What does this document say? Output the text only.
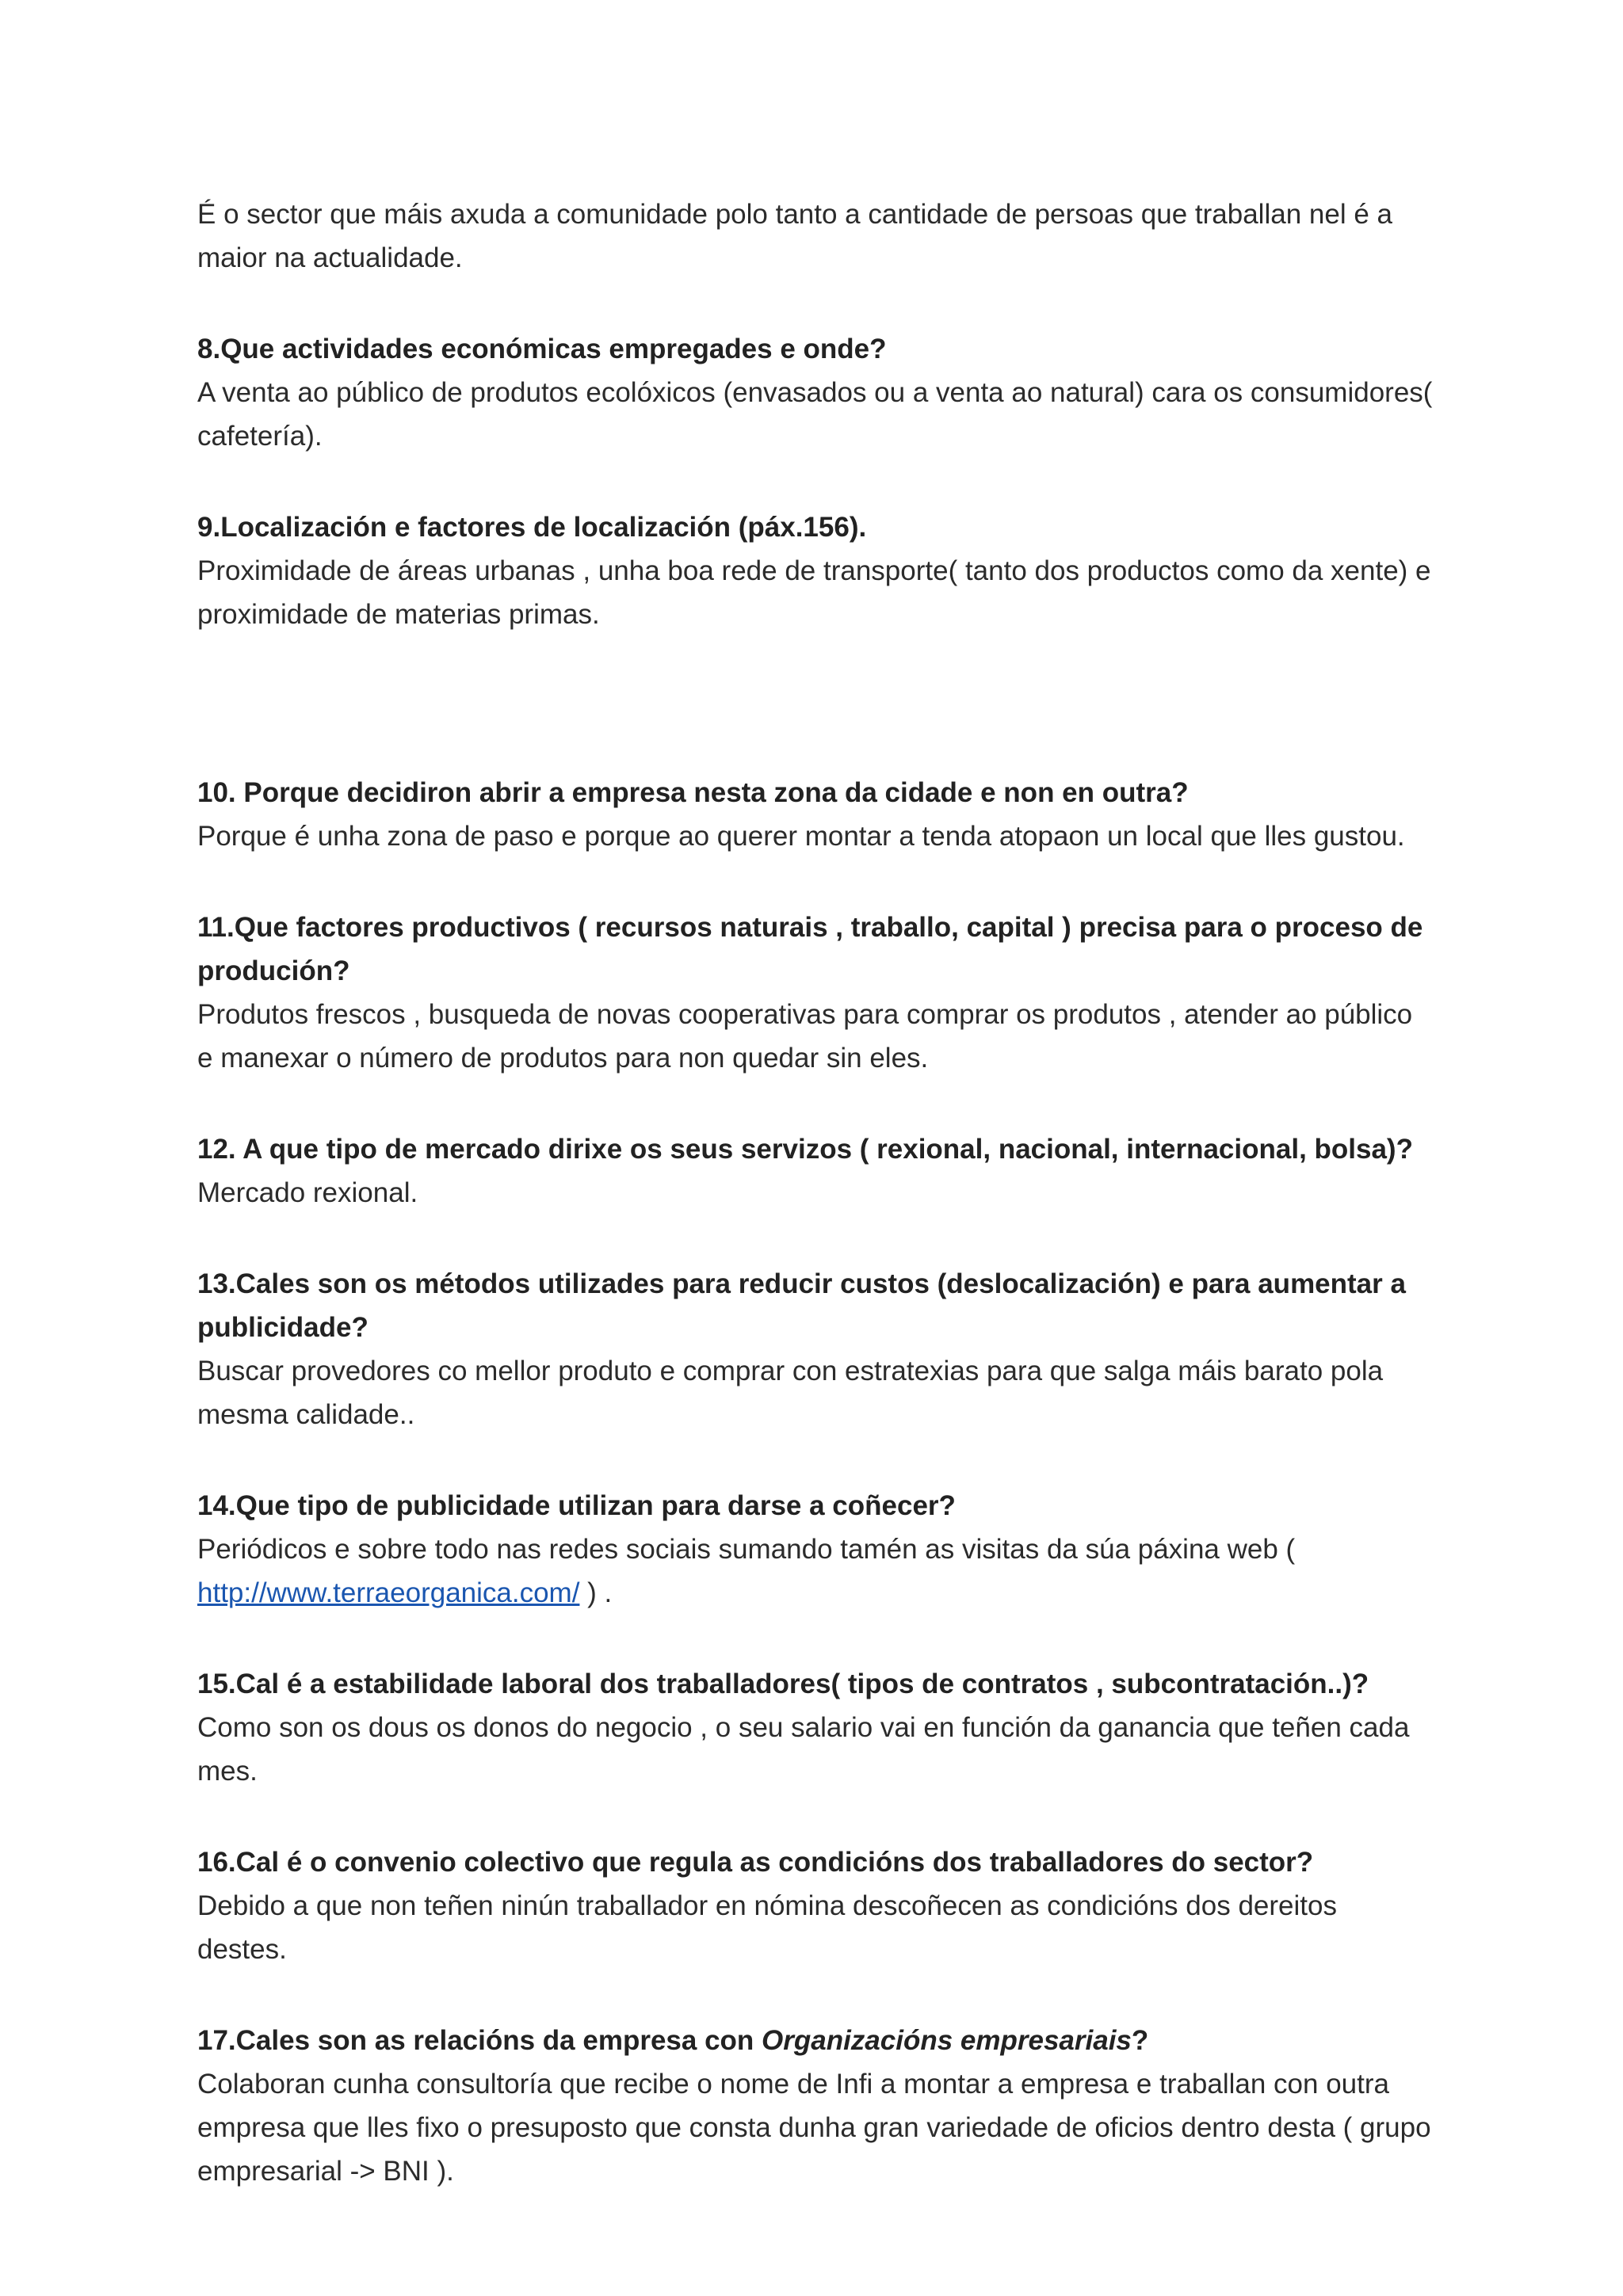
É o sector que máis axuda a comunidade polo tanto a cantidade de persoas que traballan nel é a maior na actualidade.

8.Que actividades económicas empregades e onde?

A venta ao público de produtos ecolóxicos (envasados ou a venta ao natural) cara os consumidores( cafetería).

9.Localización e factores de localización (páx.156).

Proximidade de áreas urbanas , unha boa rede de transporte( tanto dos productos como da xente) e proximidade de materias primas.

10. Porque decidiron abrir a empresa nesta zona da cidade e non en outra?

Porque é unha zona de paso e porque ao querer montar a tenda atopaon un local que lles gustou.

11.Que factores productivos ( recursos naturais , traballo, capital ) precisa para o proceso de produción?

Produtos frescos , busqueda de novas cooperativas para comprar os produtos , atender ao público e manexar o número de produtos para non quedar sin eles.

12. A que tipo de mercado dirixe os seus servizos ( rexional, nacional, internacional, bolsa)?

Mercado rexional.

13.Cales son os métodos utilizades para reducir custos (deslocalización) e para aumentar a publicidade?

Buscar provedores co mellor produto e comprar con estratexias para que salga máis barato pola mesma calidade..

14.Que tipo de publicidade utilizan para darse a coñecer?

Periódicos e sobre todo nas redes sociais sumando tamén as visitas da súa páxina web ( http://www.terraeorganica.com/ ) .

15.Cal é a estabilidade laboral dos traballadores( tipos de contratos , subcontratación..)?

Como son os dous os donos do negocio , o seu salario vai en función da ganancia que teñen cada mes.

16.Cal é o convenio colectivo que regula as condicións dos traballadores do sector?

Debido a que non teñen ninún traballador en nómina descoñecen as condicións dos dereitos destes.

17.Cales son as relacións da empresa con Organizacións empresariais?

Colaboran cunha consultoría que recibe o nome de Infi a montar a empresa e traballan con outra empresa que lles fixo o presuposto que consta dunha gran variedade de oficios dentro desta ( grupo empresarial -> BNI ).
